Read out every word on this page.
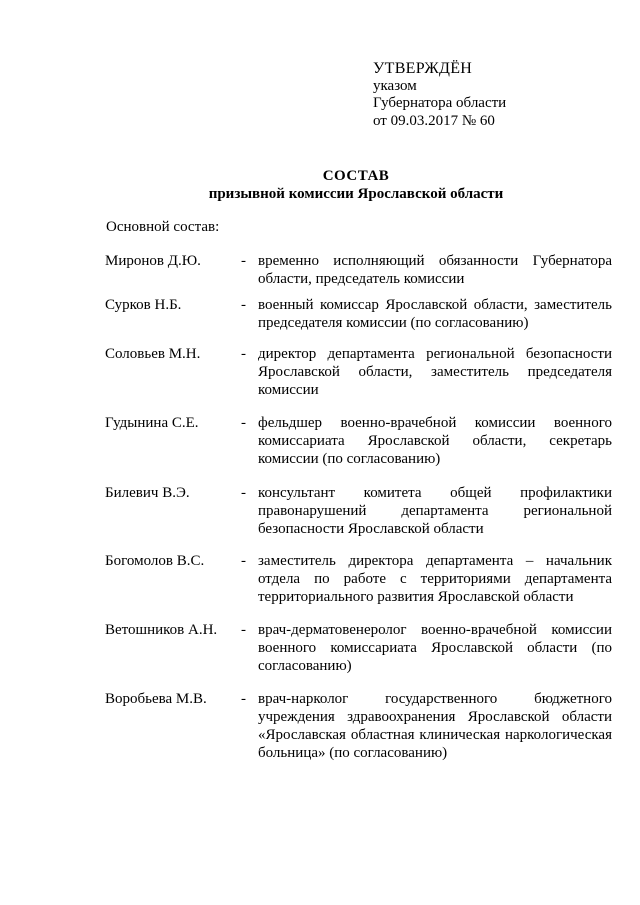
УТВЕРЖДЁН
указом
Губернатора области
от 09.03.2017 № 60
СОСТАВ
призывной комиссии Ярославской области
Основной состав:
Миронов Д.Ю.	- временно исполняющий обязанности Губернатора области, председатель комиссии
Сурков Н.Б.	- военный комиссар Ярославской области, заместитель председателя комиссии (по согласованию)
Соловьев М.Н.	- директор департамента региональной безопасности Ярославской области, заместитель председателя комиссии
Гудынина С.Е.	- фельдшер военно-врачебной комиссии военного комиссариата Ярославской области, секретарь комиссии (по согласованию)
Билевич В.Э.	- консультант комитета общей профилактики правонарушений департамента региональной безопасности Ярославской области
Богомолов В.С. - заместитель директора департамента – начальник отдела по работе с территориями департамента территориального развития Ярославской области
Ветошников А.Н. - врач-дерматовенеролог военно-врачебной комиссии военного комиссариата Ярославской области (по согласованию)
Воробьева М.В. - врач-нарколог государственного бюджетного учреждения здравоохранения Ярославской области «Ярославская областная клиническая наркологическая больница» (по согласованию)
